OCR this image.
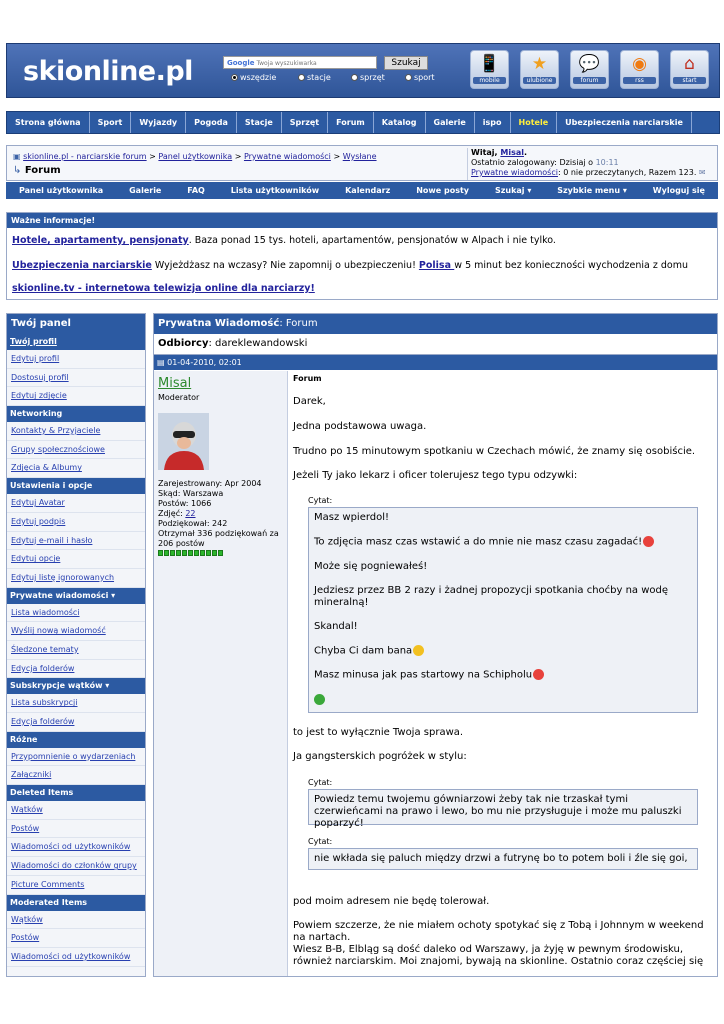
skionline.pl	Google Twoja wyszukiwarka	Szukaj
wszędzie	stacje	sprzęt	sport
📱
mobile
★
ulubione
💬
forum
◉
rss
⌂
start
Strona główna	Sport	Wyjazdy	Pogoda	Stacje	Sprzęt	Forum	Katalog	Galerie	ispo	Hotele	Ubezpieczenia narciarskie
▣ skionline.pl - narciarskie forum > Panel użytkownika > Prywatne wiadomości > Wysłane
↳ Forum
Witaj, Misal.
Ostatnio zalogowany: Dzisiaj o 10:11
Prywatne wiadomości: 0 nie przeczytanych, Razem 123. ✉
Panel użytkownika	Galerie	FAQ	Lista użytkowników	Kalendarz	Nowe posty	Szukaj ▾	Szybkie menu ▾	Wyloguj się
Ważne informacje!

Hotele, apartamenty, pensjonaty. Baza ponad 15 tys. hoteli, apartamentów, pensjonatów w Alpach i nie tylko.

Ubezpieczenia narciarskie Wyjeżdżasz na wczasy? Nie zapomnij o ubezpieczeniu! Polisa w 5 minut bez konieczności wychodzenia z domu

skionline.tv - internetowa telewizja online dla narciarzy!

Twój panel
Twój profil
Edytuj profil
Dostosuj profil
Edytuj zdjęcie
Networking
Kontakty & Przyjaciele
Grupy społecznościowe
Zdjęcia & Albumy
Ustawienia i opcje
Edytuj Avatar
Edytuj podpis
Edytuj e-mail i hasło
Edytuj opcje
Edytuj listę ignorowanych
Prywatne wiadomości ▾
Lista wiadomości
Wyślij nową wiadomość
Śledzone tematy
Edycja folderów
Subskrypcje wątków ▾
Lista subskrypcji
Edycja folderów
Różne
Przypomnienie o wydarzeniach
Załączniki
Deleted Items
Wątków
Postów
Wiadomości od użytkowników
Wiadomości do członków grupy
Picture Comments
Moderated Items
Wątków
Postów
Wiadomości od użytkowników
Prywatna Wiadomość: Forum
Odbiorcy: dareklewandowski
▤ 01-04-2010, 02:01
Misal
Moderator
Zarejestrowany: Apr 2004
Skąd: Warszawa
Postów: 1066
Zdjęć: 22
Podziękował: 242
Otrzymał 336 podziękowań za 206 postów
Forum
Darek,
Jedna podstawowa uwaga.
Trudno po 15 minutowym spotkaniu w Czechach mówić, że znamy się osobiście.
Jeżeli Ty jako lekarz i oficer tolerujesz tego typu odzywki:
Cytat:
Masz wpierdol!
To zdjęcia masz czas wstawić a do mnie nie masz czasu zagadać!
Może się pogniewałeś!
Jedziesz przez BB 2 razy i żadnej propozycji spotkania choćby na wodę mineralną!
Skandal!
Chyba Ci dam bana
Masz minusa jak pas startowy na Schipholu
to jest to wyłącznie Twoja sprawa.
Ja gangsterskich pogróżek w stylu:
Cytat:
Powiedz temu twojemu gówniarzowi żeby tak nie trzaskał tymi czerwieńcami na prawo i lewo, bo mu nie przysługuje i może mu paluszki poparzyć!
Cytat:
nie wkłada się paluch między drzwi a futrynę bo to potem boli i źle się goi,
pod moim adresem nie będę tolerował.
Powiem szczerze, że nie miałem ochoty spotykać się z Tobą i Johnnym w weekend na nartach.
Wiesz B-B, Elbląg są dość daleko od Warszawy, ja żyję w pewnym środowisku, również narciarskim. Moi znajomi, bywają na skionline. Ostatnio coraz częściej się
